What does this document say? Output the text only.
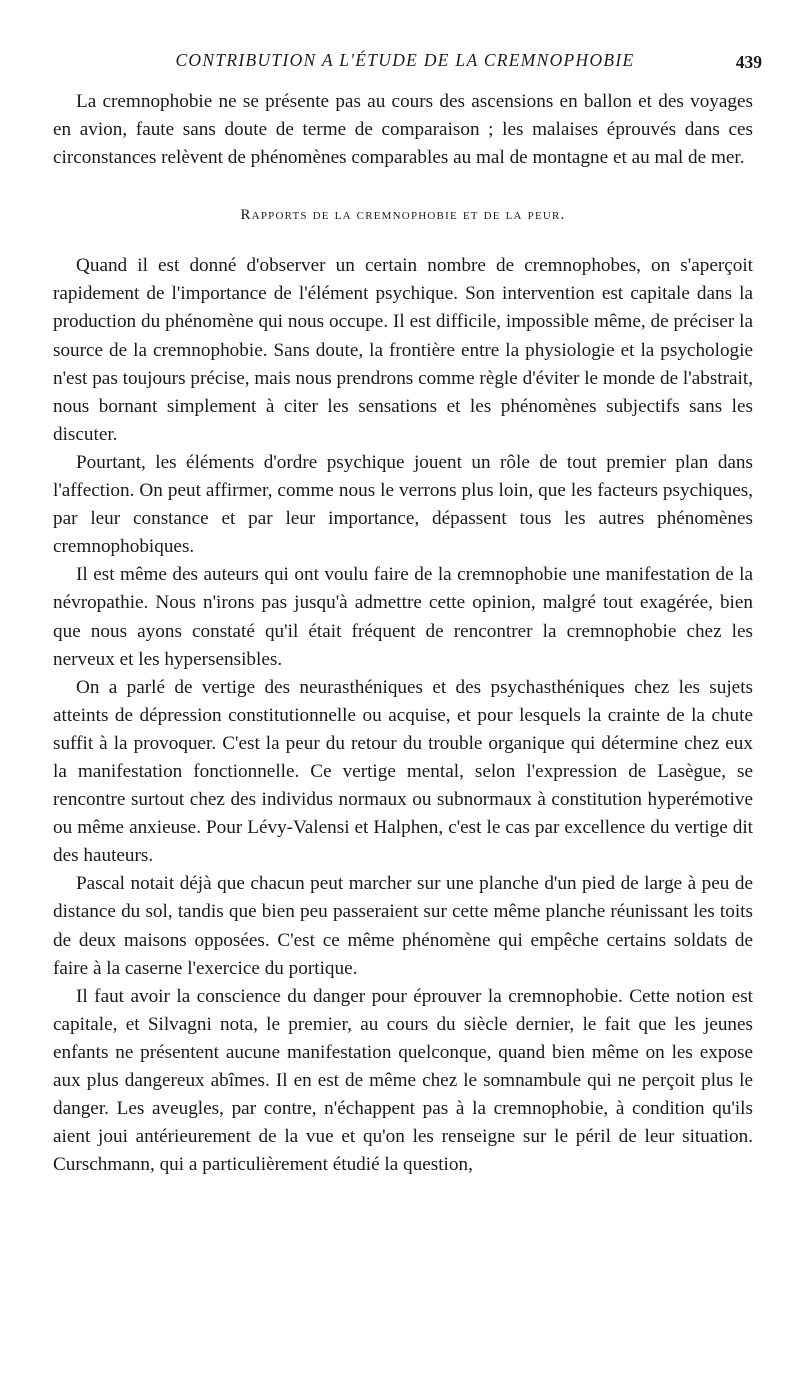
CONTRIBUTION A L'ÉTUDE DE LA CREMNOPHOBIE	439

La cremnophobie ne se présente pas au cours des ascensions en ballon et des voyages en avion, faute sans doute de terme de comparaison ; les malaises éprouvés dans ces circonstances relèvent de phénomènes comparables au mal de montagne et au mal de mer.

Rapports de la cremnophobie et de la peur.

Quand il est donné d'observer un certain nombre de cremnophobes, on s'aperçoit rapidement de l'importance de l'élément psychique. Son intervention est capitale dans la production du phénomène qui nous occupe. Il est difficile, impossible même, de préciser la source de la cremnophobie. Sans doute, la frontière entre la physiologie et la psychologie n'est pas toujours précise, mais nous prendrons comme règle d'éviter le monde de l'abstrait, nous bornant simplement à citer les sensations et les phénomènes subjectifs sans les discuter.

Pourtant, les éléments d'ordre psychique jouent un rôle de tout premier plan dans l'affection. On peut affirmer, comme nous le verrons plus loin, que les facteurs psychiques, par leur constance et par leur importance, dépassent tous les autres phénomènes cremnophobiques.

Il est même des auteurs qui ont voulu faire de la cremnophobie une manifestation de la névropathie. Nous n'irons pas jusqu'à admettre cette opinion, malgré tout exagérée, bien que nous ayons constaté qu'il était fréquent de rencontrer la cremnophobie chez les nerveux et les hypersensibles.

On a parlé de vertige des neurasthéniques et des psychasthéniques chez les sujets atteints de dépression constitutionnelle ou acquise, et pour lesquels la crainte de la chute suffit à la provoquer. C'est la peur du retour du trouble organique qui détermine chez eux la manifestation fonctionnelle. Ce vertige mental, selon l'expression de Lasègue, se rencontre surtout chez des individus normaux ou subnormaux à constitution hyperémotive ou même anxieuse. Pour Lévy-Valensi et Halphen, c'est le cas par excellence du vertige dit des hauteurs.

Pascal notait déjà que chacun peut marcher sur une planche d'un pied de large à peu de distance du sol, tandis que bien peu passeraient sur cette même planche réunissant les toits de deux maisons opposées. C'est ce même phénomène qui empêche certains soldats de faire à la caserne l'exercice du portique.

Il faut avoir la conscience du danger pour éprouver la cremnophobie. Cette notion est capitale, et Silvagni nota, le premier, au cours du siècle dernier, le fait que les jeunes enfants ne présentent aucune manifestation quelconque, quand bien même on les expose aux plus dangereux abîmes. Il en est de même chez le somnambule qui ne perçoit plus le danger. Les aveugles, par contre, n'échappent pas à la cremnophobie, à condition qu'ils aient joui antérieurement de la vue et qu'on les renseigne sur le péril de leur situation. Curschmann, qui a particulièrement étudié la question,
